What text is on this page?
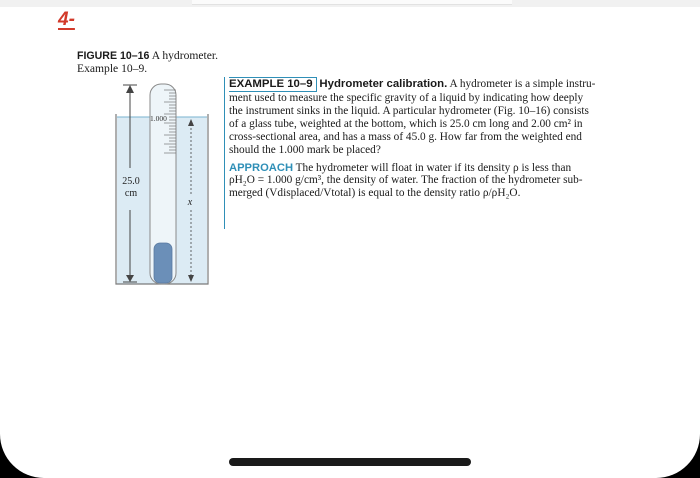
4-
FIGURE 10–16 A hydrometer.
Example 10–9.
1.000
25.0
cm
x
EXAMPLE 10–9 Hydrometer calibration. A hydrometer is a simple instru-
ment used to measure the specific gravity of a liquid by indicating how deeply
the instrument sinks in the liquid. A particular hydrometer (Fig. 10–16) consists
of a glass tube, weighted at the bottom, which is 25.0 cm long and 2.00 cm² in
cross-sectional area, and has a mass of 45.0 g. How far from the weighted end
should the 1.000 mark be placed?
APPROACH The hydrometer will float in water if its density ρ is less than
ρH₂O = 1.000 g/cm³, the density of water. The fraction of the hydrometer sub-
merged (Vdisplaced/Vtotal) is equal to the density ratio ρ/ρH₂O.
